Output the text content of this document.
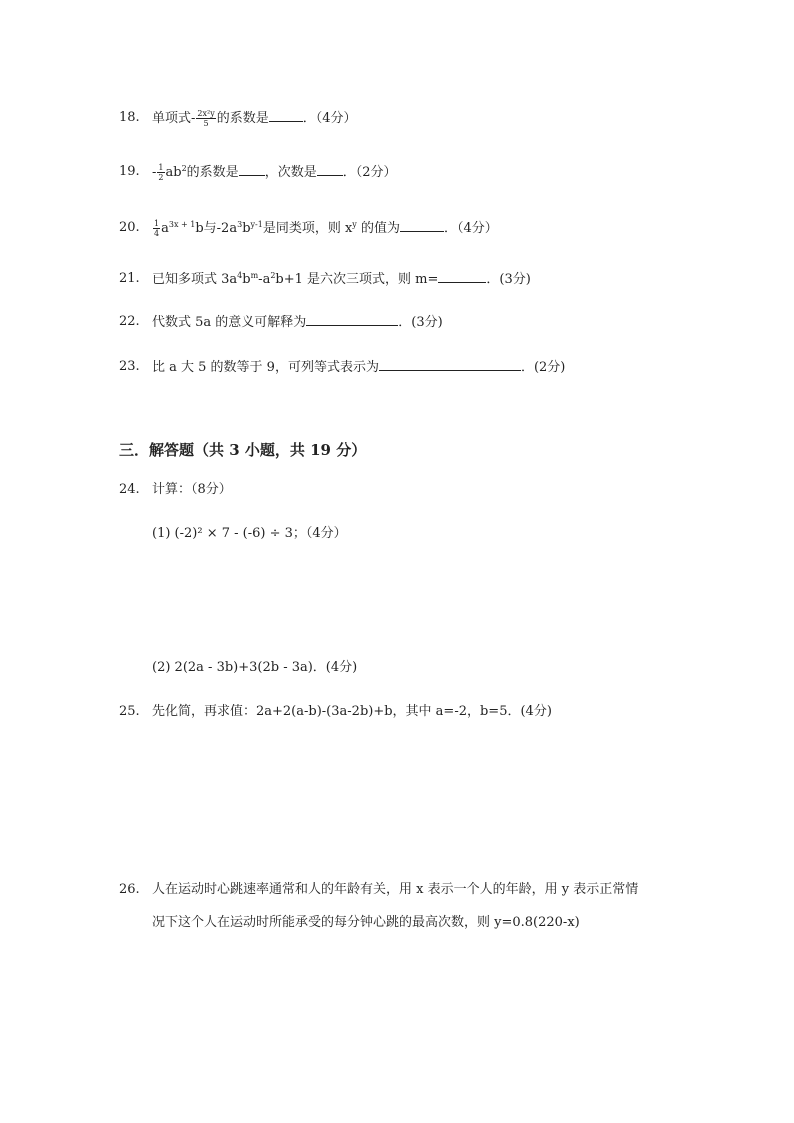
18. 单项式- $\frac{\text{2x²y}}{5}$ 的系数是	．（4分）
19. - $\frac{1}{2} ab^2$的系数是 ，次数是 ．（2分）
20. $\frac{1}{4} a^{3x + 1}b$与$-2a^3b^{y-1}$是同类项，则 $x^y$ 的值为	．（4分）
21. 已知多项式 $3a^4b^m-a^2b+1$ 是六次三项式，则 m=	．(3分)
22. 代数式 5a 的意义可解释为	．(3分)
23. 比 a 大 5 的数等于 9，可列等式表示为	．(2分)
三．解答题（共 3 小题，共 19 分）
24. 计算：（8分）
(1) (-2)² × 7 - (-6) ÷ 3；（4分）
(2) 2(2a - 3b)+3(2b - 3a)．(4分)
25. 先化简，再求值：2a+2(a-b)-(3a-2b)+b，其中 a=-2，b=5．(4分)
26. 人在运动时心跳速率通常和人的年龄有关，用 x 表示一个人的年龄，用 y 表示正常情
况下这个人在运动时所能承受的每分钟心跳的最高次数，则 y=0.8(220-x)
